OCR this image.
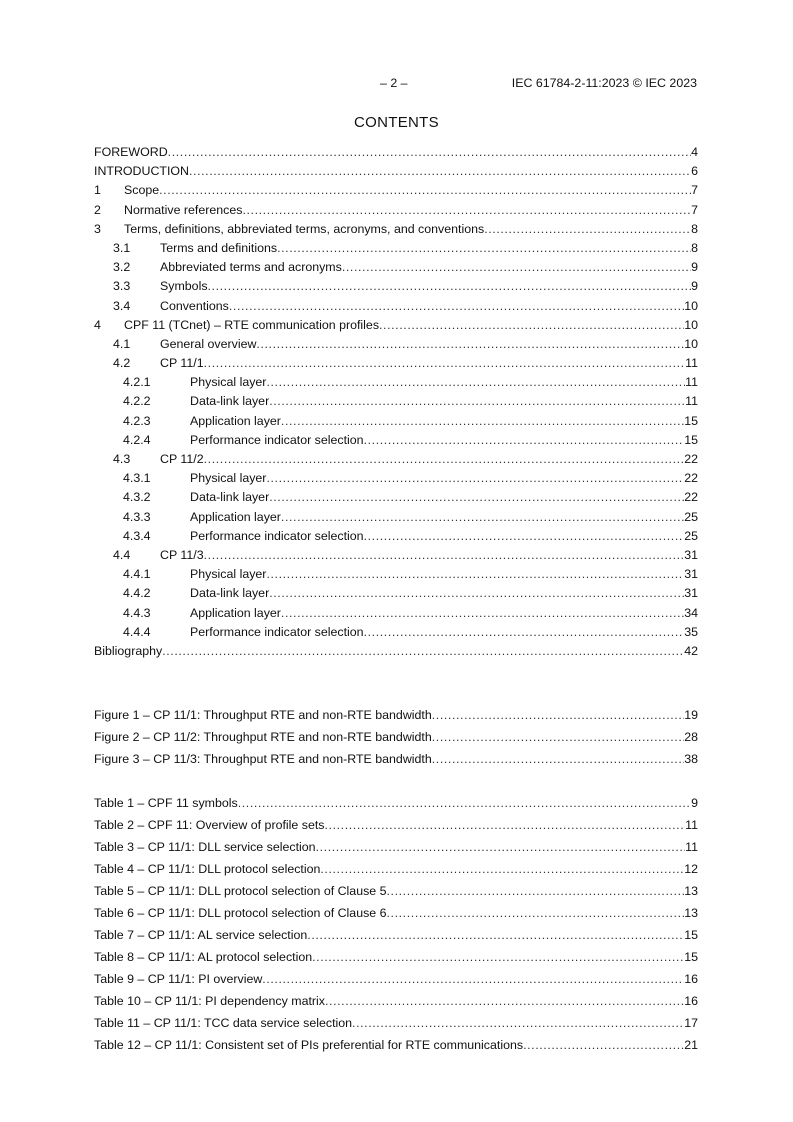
– 2 –	IEC 61784-2-11:2023 © IEC 2023
CONTENTS
FOREWORD .....	4
INTRODUCTION .....	6
1	Scope .....	7
2	Normative references .....	7
3	Terms, definitions, abbreviated terms, acronyms, and conventions .....	8
3.1	Terms and definitions .....	8
3.2	Abbreviated terms and acronyms .....	9
3.3	Symbols .....	9
3.4	Conventions .....	10
4	CPF 11 (TCnet) – RTE communication profiles .....	10
4.1	General overview .....	10
4.2	CP 11/1 .....	11
4.2.1	Physical layer .....	11
4.2.2	Data-link layer .....	11
4.2.3	Application layer .....	15
4.2.4	Performance indicator selection .....	15
4.3	CP 11/2 .....	22
4.3.1	Physical layer .....	22
4.3.2	Data-link layer .....	22
4.3.3	Application layer .....	25
4.3.4	Performance indicator selection .....	25
4.4	CP 11/3 .....	31
4.4.1	Physical layer .....	31
4.4.2	Data-link layer .....	31
4.4.3	Application layer .....	34
4.4.4	Performance indicator selection .....	35
Bibliography .....	42
Figure 1 – CP 11/1: Throughput RTE and non-RTE bandwidth .....	19
Figure 2 – CP 11/2: Throughput RTE and non-RTE bandwidth .....	28
Figure 3 – CP 11/3: Throughput RTE and non-RTE bandwidth .....	38
Table 1 – CPF 11 symbols .....	9
Table 2 – CPF 11: Overview of profile sets .....	11
Table 3 – CP 11/1: DLL service selection .....	11
Table 4 – CP 11/1: DLL protocol selection .....	12
Table 5 – CP 11/1: DLL protocol selection of Clause 5 .....	13
Table 6 – CP 11/1: DLL protocol selection of Clause 6 .....	13
Table 7 – CP 11/1: AL service selection .....	15
Table 8 – CP 11/1: AL protocol selection .....	15
Table 9 – CP 11/1: PI overview .....	16
Table 10 – CP 11/1: PI dependency matrix .....	16
Table 11 – CP 11/1: TCC data service selection .....	17
Table 12 – CP 11/1: Consistent set of PIs preferential for RTE communications .....	21
